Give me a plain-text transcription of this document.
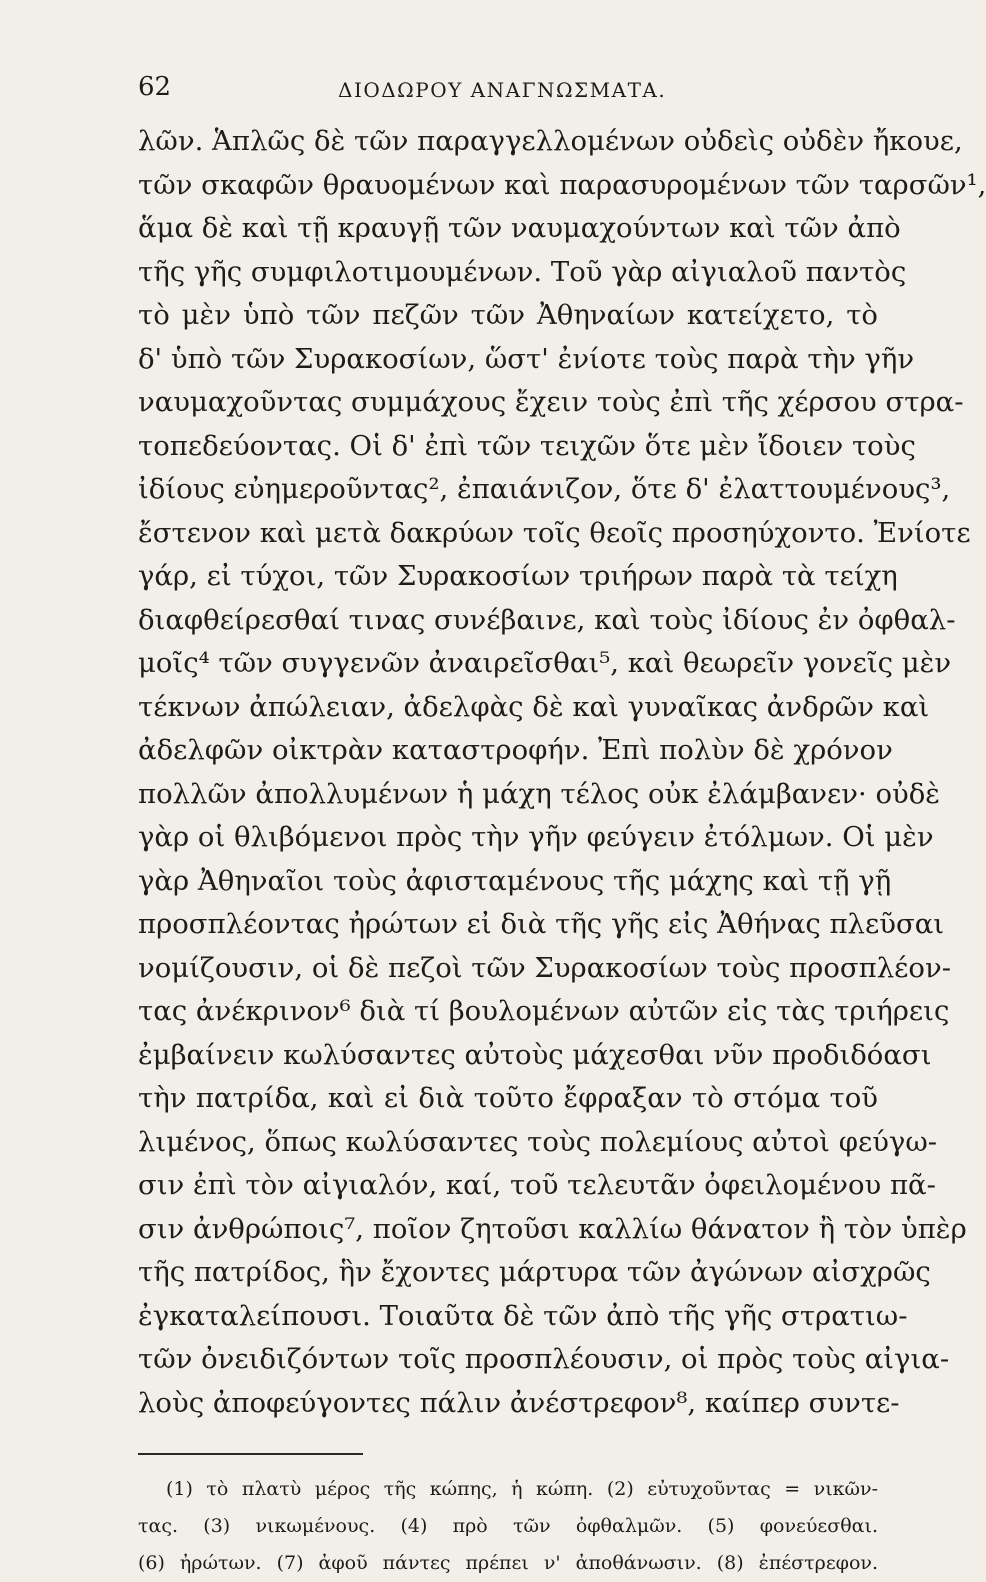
62	ΔΙΟΔΩΡΟΥ ΑΝΑΓΝΩΣΜΑΤΑ.
λῶν. Ἁπλῶς δὲ τῶν παραγγελλομένων οὐδεὶς οὐδὲν ἤκουε,
τῶν σκαφῶν θραυομένων καὶ παρασυρομένων τῶν ταρσῶν¹,
ἅμα δὲ καὶ τῇ κραυγῇ τῶν ναυμαχούντων καὶ τῶν ἀπὸ
τῆς γῆς συμφιλοτιμουμένων. Τοῦ γὰρ αἰγιαλοῦ παντὸς
τὸ μὲν ὑπὸ τῶν πεζῶν τῶν Ἀθηναίων κατείχετο, τὸ
δ' ὑπὸ τῶν Συρακοσίων, ὥστ' ἐνίοτε τοὺς παρὰ τὴν γῆν
ναυμαχοῦντας συμμάχους ἔχειν τοὺς ἐπὶ τῆς χέρσου στρα-
τοπεδεύοντας. Οἱ δ' ἐπὶ τῶν τειχῶν ὅτε μὲν ἴδοιεν τοὺς
ἰδίους εὐημεροῦντας², ἐπαιάνιζον, ὅτε δ' ἐλαττουμένους³,
ἔστενον καὶ μετὰ δακρύων τοῖς θεοῖς προσηύχοντο. Ἐνίοτε
γάρ, εἰ τύχοι, τῶν Συρακοσίων τριήρων παρὰ τὰ τείχη
διαφθείρεσθαί τινας συνέβαινε, καὶ τοὺς ἰδίους ἐν ὀφθαλ-
μοῖς⁴ τῶν συγγενῶν ἀναιρεῖσθαι⁵, καὶ θεωρεῖν γονεῖς μὲν
τέκνων ἀπώλειαν, ἀδελφὰς δὲ καὶ γυναῖκας ἀνδρῶν καὶ
ἀδελφῶν οἰκτρὰν καταστροφήν. Ἐπὶ πολὺν δὲ χρόνον
πολλῶν ἀπολλυμένων ἡ μάχη τέλος οὐκ ἐλάμβανεν· οὐδὲ
γὰρ οἱ θλιβόμενοι πρὸς τὴν γῆν φεύγειν ἐτόλμων. Οἱ μὲν
γὰρ Ἀθηναῖοι τοὺς ἀφισταμένους τῆς μάχης καὶ τῇ γῇ
προσπλέοντας ἠρώτων εἰ διὰ τῆς γῆς εἰς Ἀθήνας πλεῦσαι
νομίζουσιν, οἱ δὲ πεζοὶ τῶν Συρακοσίων τοὺς προσπλέον-
τας ἀνέκρινον⁶ διὰ τί βουλομένων αὐτῶν εἰς τὰς τριήρεις
ἐμβαίνειν κωλύσαντες αὐτοὺς μάχεσθαι νῦν προδιδόασι
τὴν πατρίδα, καὶ εἰ διὰ τοῦτο ἔφραξαν τὸ στόμα τοῦ
λιμένος, ὅπως κωλύσαντες τοὺς πολεμίους αὐτοὶ φεύγω-
σιν ἐπὶ τὸν αἰγιαλόν, καί, τοῦ τελευτᾶν ὀφειλομένου πᾶ-
σιν ἀνθρώποις⁷, ποῖον ζητοῦσι καλλίω θάνατον ἢ τὸν ὑπὲρ
τῆς πατρίδος, ἣν ἔχοντες μάρτυρα τῶν ἀγώνων αἰσχρῶς
ἐγκαταλείπουσι. Τοιαῦτα δὲ τῶν ἀπὸ τῆς γῆς στρατιω-
τῶν ὀνειδιζόντων τοῖς προσπλέουσιν, οἱ πρὸς τοὺς αἰγια-
λοὺς ἀποφεύγοντες πάλιν ἀνέστρεφον⁸, καίπερ συντε-
(1) τὸ πλατὺ μέρος τῆς κώπης, ἡ κώπη. (2) εὐτυχοῦντας = νικῶν-
τας. (3) νικωμένους. (4) πρὸ τῶν ὀφθαλμῶν. (5) φονεύεσθαι.
(6) ἠρώτων. (7) ἀφοῦ πάντες πρέπει ν' ἀποθάνωσιν. (8) ἐπέστρεφον.
